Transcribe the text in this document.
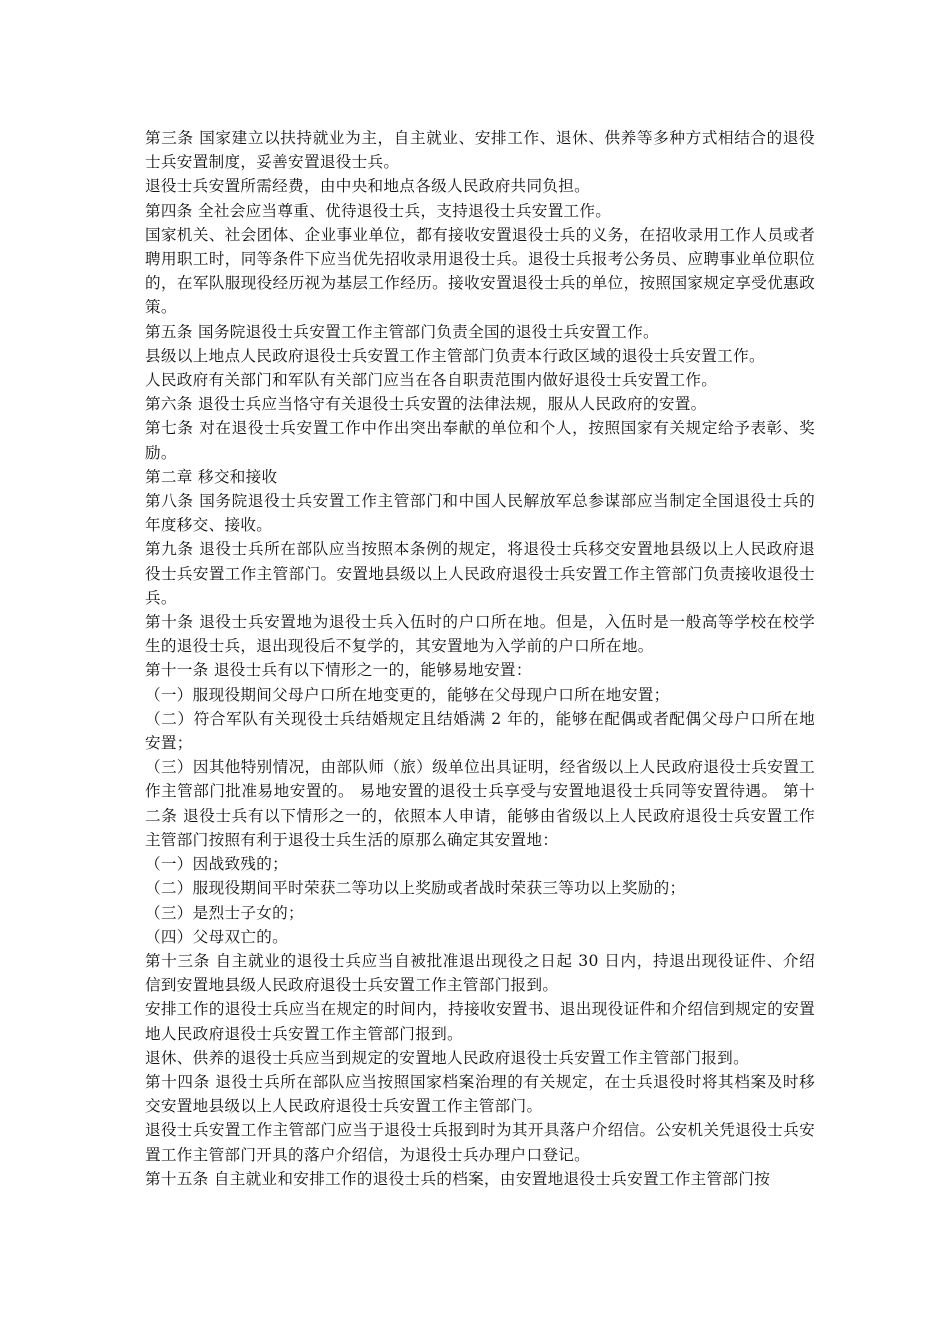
第三条 国家建立以扶持就业为主，自主就业、安排工作、退休、供养等多种方式相结合的退役士兵安置制度，妥善安置退役士兵。

退役士兵安置所需经费，由中央和地点各级人民政府共同负担。

第四条 全社会应当尊重、优待退役士兵，支持退役士兵安置工作。

国家机关、社会团体、企业事业单位，都有接收安置退役士兵的义务，在招收录用工作人员或者聘用职工时，同等条件下应当优先招收录用退役士兵。退役士兵报考公务员、应聘事业单位职位的，在军队服现役经历视为基层工作经历。接收安置退役士兵的单位，按照国家规定享受优惠政策。

第五条 国务院退役士兵安置工作主管部门负责全国的退役士兵安置工作。

县级以上地点人民政府退役士兵安置工作主管部门负责本行政区域的退役士兵安置工作。

人民政府有关部门和军队有关部门应当在各自职责范围内做好退役士兵安置工作。

第六条 退役士兵应当恪守有关退役士兵安置的法律法规，服从人民政府的安置。

第七条 对在退役士兵安置工作中作出突出奉献的单位和个人，按照国家有关规定给予表彰、奖励。

第二章 移交和接收

第八条 国务院退役士兵安置工作主管部门和中国人民解放军总参谋部应当制定全国退役士兵的年度移交、接收。

第九条 退役士兵所在部队应当按照本条例的规定，将退役士兵移交安置地县级以上人民政府退役士兵安置工作主管部门。安置地县级以上人民政府退役士兵安置工作主管部门负责接收退役士兵。

第十条 退役士兵安置地为退役士兵入伍时的户口所在地。但是，入伍时是一般高等学校在校学生的退役士兵，退出现役后不复学的，其安置地为入学前的户口所在地。

第十一条 退役士兵有以下情形之一的，能够易地安置：

（一）服现役期间父母户口所在地变更的，能够在父母现户口所在地安置；

（二）符合军队有关现役士兵结婚规定且结婚满 2 年的，能够在配偶或者配偶父母户口所在地安置；

（三）因其他特别情况，由部队师（旅）级单位出具证明，经省级以上人民政府退役士兵安置工作主管部门批准易地安置的。 易地安置的退役士兵享受与安置地退役士兵同等安置待遇。 第十二条 退役士兵有以下情形之一的，依照本人申请，能够由省级以上人民政府退役士兵安置工作主管部门按照有利于退役士兵生活的原那么确定其安置地：

（一）因战致残的；

（二）服现役期间平时荣获二等功以上奖励或者战时荣获三等功以上奖励的；

（三）是烈士子女的；

（四）父母双亡的。

第十三条 自主就业的退役士兵应当自被批准退出现役之日起 30 日内，持退出现役证件、介绍信到安置地县级人民政府退役士兵安置工作主管部门报到。

安排工作的退役士兵应当在规定的时间内，持接收安置书、退出现役证件和介绍信到规定的安置地人民政府退役士兵安置工作主管部门报到。

退休、供养的退役士兵应当到规定的安置地人民政府退役士兵安置工作主管部门报到。

第十四条 退役士兵所在部队应当按照国家档案治理的有关规定，在士兵退役时将其档案及时移交安置地县级以上人民政府退役士兵安置工作主管部门。

退役士兵安置工作主管部门应当于退役士兵报到时为其开具落户介绍信。公安机关凭退役士兵安置工作主管部门开具的落户介绍信，为退役士兵办理户口登记。

第十五条 自主就业和安排工作的退役士兵的档案，由安置地退役士兵安置工作主管部门按
